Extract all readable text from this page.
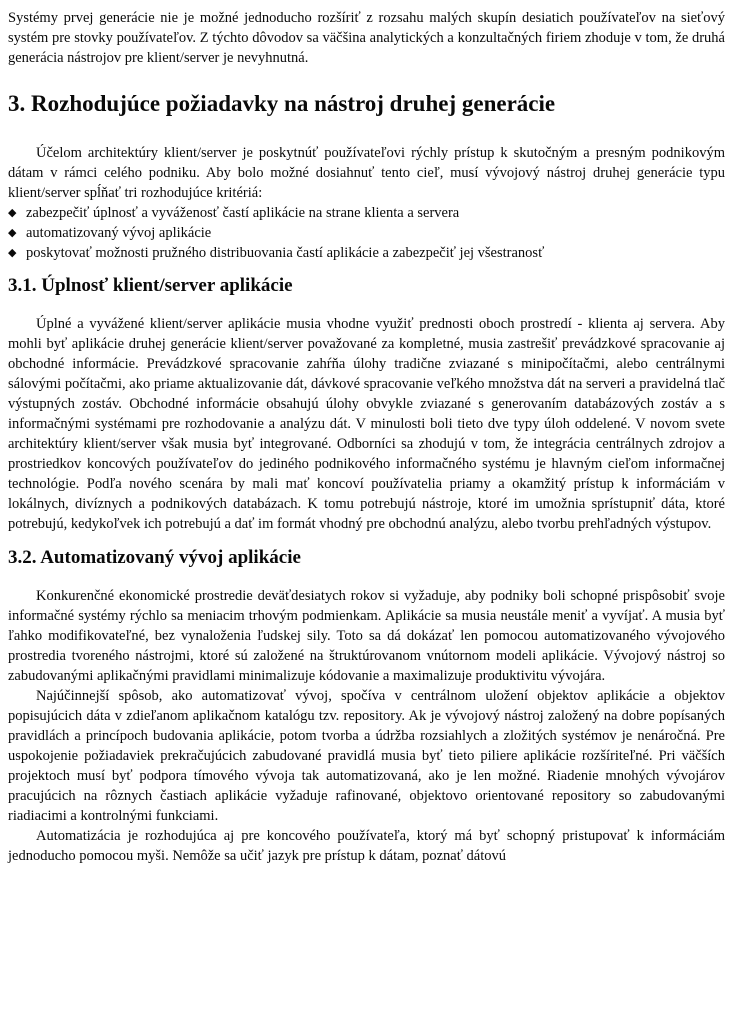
Systémy prvej generácie nie je možné jednoducho rozšíriť z rozsahu malých skupín desiatich používateľov na sieťový systém pre stovky používateľov. Z týchto dôvodov sa väčšina analytických a konzultačných firiem zhoduje v tom, že druhá generácia nástrojov pre klient/server je nevyhnutná.

3. Rozhodujúce požiadavky na nástroj druhej generácie

Účelom architektúry klient/server je poskytnúť používateľovi rýchly prístup k skutočným a presným podnikovým dátam v rámci celého podniku. Aby bolo možné dosiahnuť tento cieľ, musí vývojový nástroj druhej generácie typu klient/server spĺňať tri rozhodujúce kritériá:

◆ zabezpečiť úplnosť a vyváženosť častí aplikácie na strane klienta a servera
◆ automatizovaný vývoj aplikácie
◆ poskytovať možnosti pružného distribuovania častí aplikácie a zabezpečiť jej všestranosť
3.1. Úplnosť klient/server aplikácie

Úplné a vyvážené klient/server aplikácie musia vhodne využiť prednosti oboch prostredí - klienta aj servera. Aby mohli byť aplikácie druhej generácie klient/server považované za kompletné, musia zastrešiť prevádzkové spracovanie aj obchodné informácie. Prevádzkové spracovanie zahŕňa úlohy tradične zviazané s minipočítačmi, alebo centrálnymi sálovými počítačmi, ako priame aktualizovanie dát, dávkové spracovanie veľkého množstva dát na serveri a pravidelná tlač výstupných zostáv. Obchodné informácie obsahujú úlohy obvykle zviazané s generovaním databázových zostáv a s informačnými systémami pre rozhodovanie a analýzu dát. V minulosti boli tieto dve typy úloh oddelené. V novom svete architektúry klient/server však musia byť integrované. Odborníci sa zhodujú v tom, že integrácia centrálnych zdrojov a prostriedkov koncových používateľov do jediného podnikového informačného systému je hlavným cieľom informačnej technológie. Podľa nového scenára by mali mať koncoví používatelia priamy a okamžitý prístup k informáciám v lokálnych, divíznych a podnikových databázach. K tomu potrebujú nástroje, ktoré im umožnia sprístupniť dáta, ktoré potrebujú, kedykoľvek ich potrebujú a dať im formát vhodný pre obchodnú analýzu, alebo tvorbu prehľadných výstupov.

3.2. Automatizovaný vývoj aplikácie

Konkurenčné ekonomické prostredie deväťdesiatych rokov si vyžaduje, aby podniky boli schopné prispôsobiť svoje informačné systémy rýchlo sa meniacim trhovým podmienkam. Aplikácie sa musia neustále meniť a vyvíjať. A musia byť ľahko modifikovateľné, bez vynaloženia ľudskej sily. Toto sa dá dokázať len pomocou automatizovaného vývojového prostredia tvoreného nástrojmi, ktoré sú založené na štruktúrovanom vnútornom modeli aplikácie. Vývojový nástroj so zabudovanými aplikačnými pravidlami minimalizuje kódovanie a maximalizuje produktivitu vývojára.

Najúčinnejší spôsob, ako automatizovať vývoj, spočíva v centrálnom uložení objektov aplikácie a objektov popisujúcich dáta v zdieľanom aplikačnom katalógu tzv. repository. Ak je vývojový nástroj založený na dobre popísaných pravidlách a princípoch budovania aplikácie, potom tvorba a údržba rozsiahlych a zložitých systémov je nenáročná. Pre uspokojenie požiadaviek prekračujúcich zabudované pravidlá musia byť tieto piliere aplikácie rozšíriteľné. Pri väčších projektoch musí byť podpora tímového vývoja tak automatizovaná, ako je len možné. Riadenie mnohých vývojárov pracujúcich na rôznych častiach aplikácie vyžaduje rafinované, objektovo orientované repository so zabudovanými riadiacimi a kontrolnými funkciami.

Automatizácia je rozhodujúca aj pre koncového používateľa, ktorý má byť schopný pristupovať k informáciám jednoducho pomocou myši. Nemôže sa učiť jazyk pre prístup k dátam, poznať dátovú
